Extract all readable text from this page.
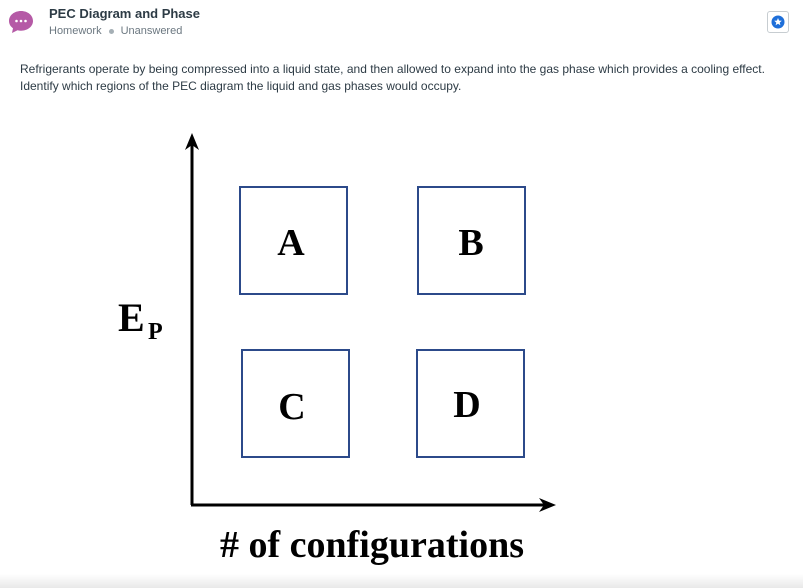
PEC Diagram and Phase
Homework Unanswered
Refrigerants operate by being compressed into a liquid state, and then allowed to expand into the gas phase which provides a cooling effect. Identify which regions of the PEC diagram the liquid and gas phases would occupy.
E P
A	B
C	D
# of configurations
